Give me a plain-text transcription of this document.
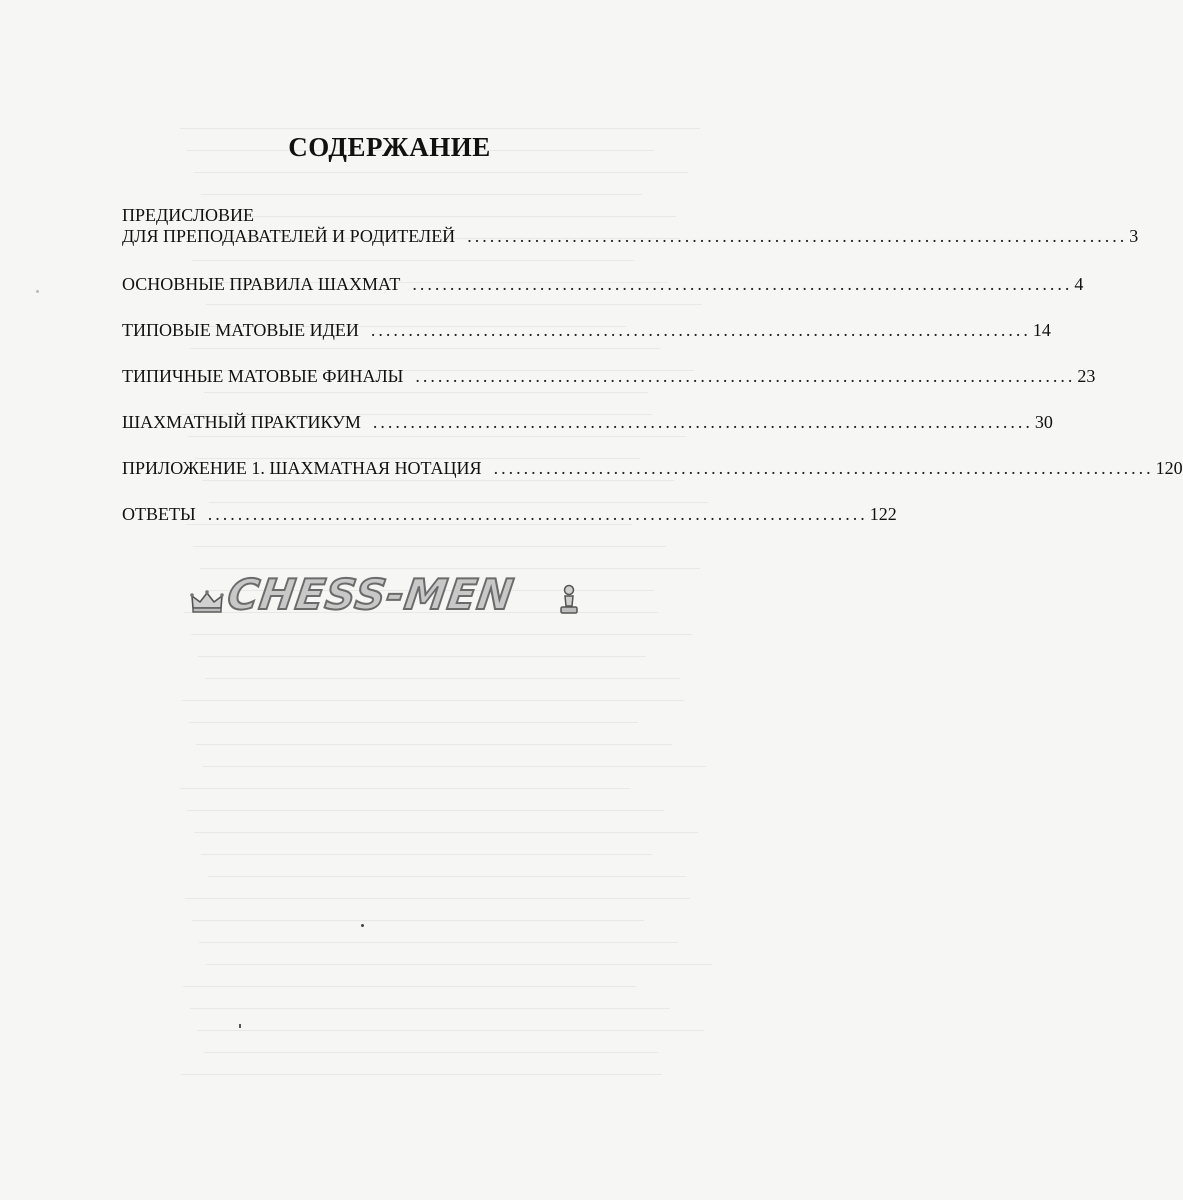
СОДЕРЖАНИЕ
ПРЕДИСЛОВИЕ
ДЛЯ ПРЕПОДАВАТЕЛЕЙ И РОДИТЕЛЕЙ ........................................................................................ 3
ОСНОВНЫЕ ПРАВИЛА ШАХМАТ ........................................................................................ 4
ТИПОВЫЕ МАТОВЫЕ ИДЕИ ........................................................................................ 14
ТИПИЧНЫЕ МАТОВЫЕ ФИНАЛЫ ........................................................................................ 23
ШАХМАТНЫЙ ПРАКТИКУМ ........................................................................................ 30
ПРИЛОЖЕНИЕ 1. ШАХМАТНАЯ НОТАЦИЯ ........................................................................................ 120
ОТВЕТЫ ........................................................................................ 122
CHESS-MEN
